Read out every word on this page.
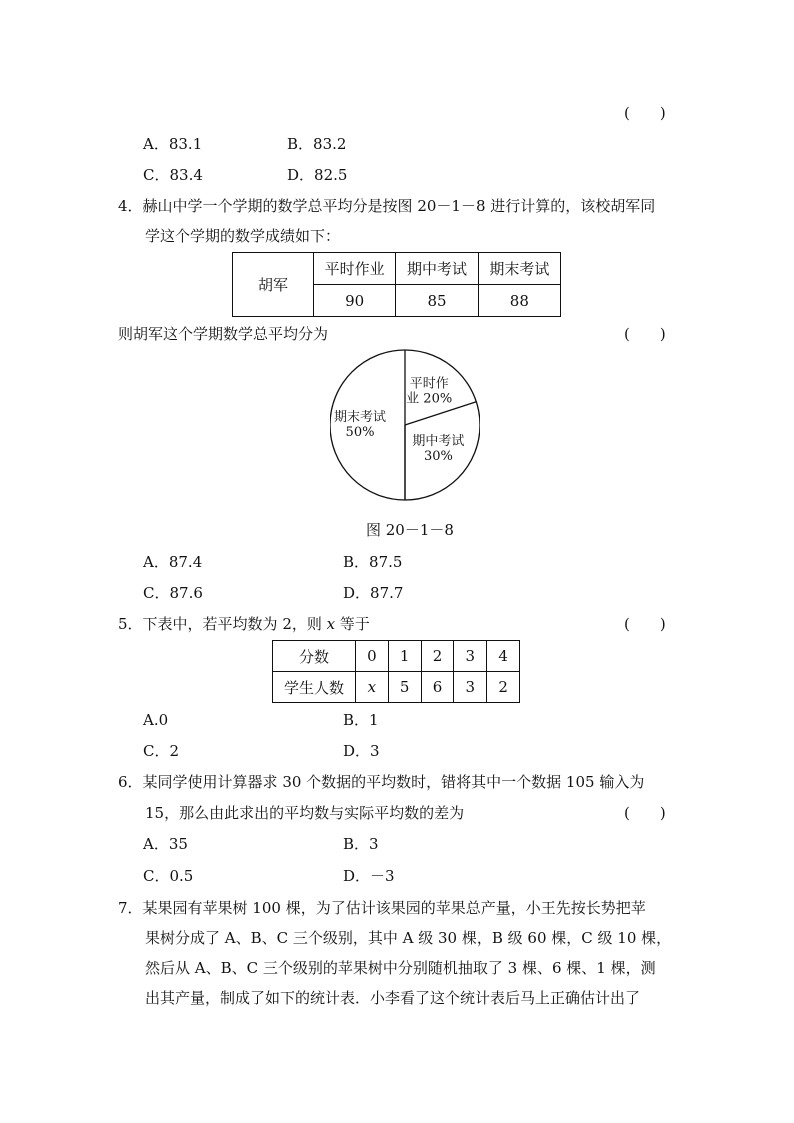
(　　)
A．83.1	B．83.2
C．83.4	D．82.5
4．赫山中学一个学期的数学总平均分是按图 20－1－8 进行计算的，该校胡军同
学这个学期的数学成绩如下：
胡军	平时作业	期中考试	期末考试
	90	85	88
则胡军这个学期数学总平均分为	(　　)
平时作业 20%
期中考试 30%
期末考试 50%
图 20－1－8
A．87.4	B．87.5
C．87.6	D．87.7
5．下表中，若平均数为 2，则 x 等于	(　　)
分数	0	1	2	3	4
学生人数	x	5	6	3	2
A.0	B．1
C．2	D．3
6．某同学使用计算器求 30 个数据的平均数时，错将其中一个数据 105 输入为
15，那么由此求出的平均数与实际平均数的差为	(　　)
A．35	B．3
C．0.5	D．－3
7．某果园有苹果树 100 棵，为了估计该果园的苹果总产量，小王先按长势把苹
果树分成了 A、B、C 三个级别，其中 A 级 30 棵，B 级 60 棵，C 级 10 棵，
然后从 A、B、C 三个级别的苹果树中分别随机抽取了 3 棵、6 棵、1 棵，测
出其产量，制成了如下的统计表．小李看了这个统计表后马上正确估计出了
